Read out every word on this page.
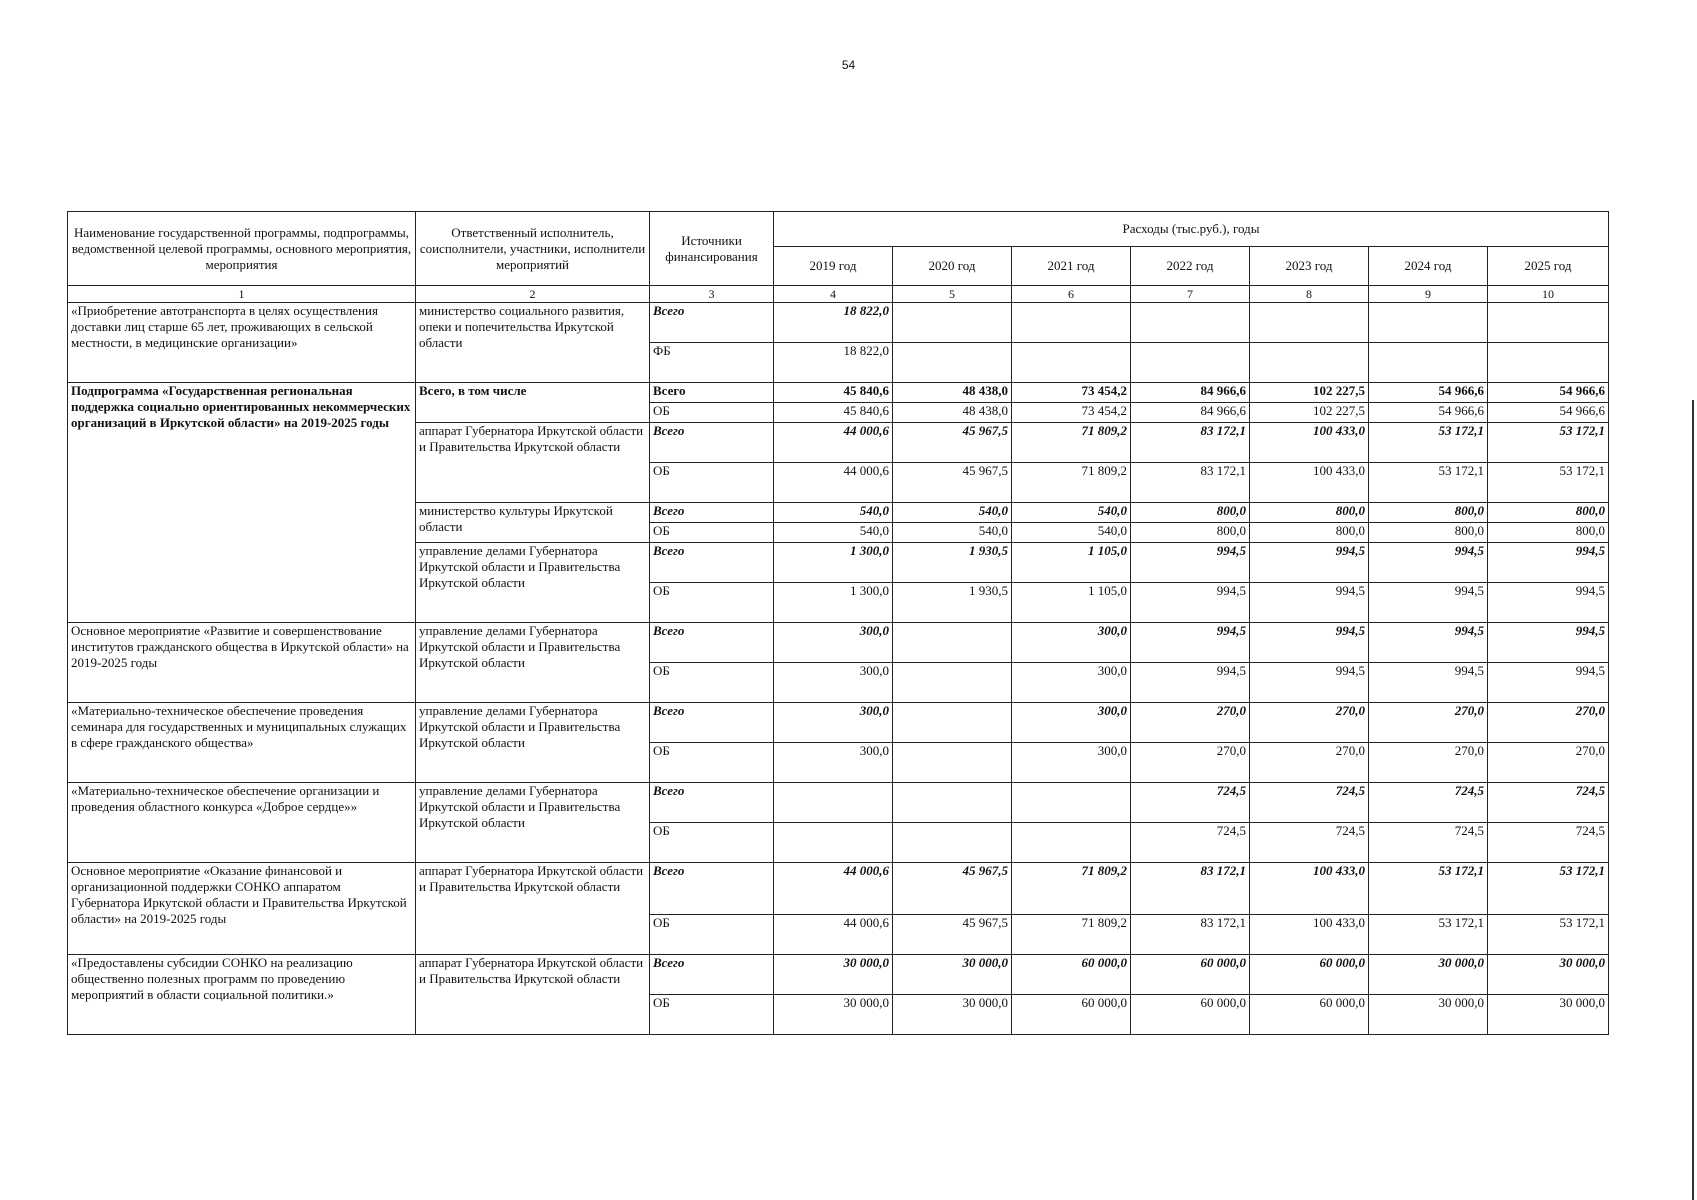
54
Наименование государственной программы, подпрограммы, ведомственной целевой программы, основного мероприятия, мероприятия	Ответственный исполнитель, соисполнители, участники, исполнители мероприятий	Источники финансирования	Расходы (тыс.руб.), годы						
			2019 год	2020 год	2021 год	2022 год	2023 год	2024 год	2025 год
1	2	3	4	5	6	7	8	9	10
«Приобретение автотранспорта в целях осуществления доставки лиц старше 65 лет, проживающих в сельской местности, в медицинские организации»	министерство социального развития, опеки и попечительства Иркутской области	Всего	18 822,0						
		ФБ	18 822,0						
Подпрограмма «Государственная региональная поддержка социально ориентированных некоммерческих организаций в Иркутской области» на 2019-2025 годы	Всего, в том числе	Всего	45 840,6	48 438,0	73 454,2	84 966,6	102 227,5	54 966,6	54 966,6
		ОБ	45 840,6	48 438,0	73 454,2	84 966,6	102 227,5	54 966,6	54 966,6
	аппарат Губернатора Иркутской области и Правительства Иркутской области	Всего	44 000,6	45 967,5	71 809,2	83 172,1	100 433,0	53 172,1	53 172,1
		ОБ	44 000,6	45 967,5	71 809,2	83 172,1	100 433,0	53 172,1	53 172,1
	министерство культуры Иркутской области	Всего	540,0	540,0	540,0	800,0	800,0	800,0	800,0
		ОБ	540,0	540,0	540,0	800,0	800,0	800,0	800,0
	управление делами Губернатора Иркутской области и Правительства Иркутской области	Всего	1 300,0	1 930,5	1 105,0	994,5	994,5	994,5	994,5
		ОБ	1 300,0	1 930,5	1 105,0	994,5	994,5	994,5	994,5
Основное мероприятие «Развитие и совершенствование институтов гражданского общества в Иркутской области» на 2019-2025 годы	управление делами Губернатора Иркутской области и Правительства Иркутской области	Всего	300,0		300,0	994,5	994,5	994,5	994,5
		ОБ	300,0		300,0	994,5	994,5	994,5	994,5
«Материально-техническое обеспечение проведения семинара для государственных и муниципальных служащих в сфере гражданского общества»	управление делами Губернатора Иркутской области и Правительства Иркутской области	Всего	300,0		300,0	270,0	270,0	270,0	270,0
		ОБ	300,0		300,0	270,0	270,0	270,0	270,0
«Материально-техническое обеспечение организации и проведения областного конкурса «Доброе сердце»»	управление делами Губернатора Иркутской области и Правительства Иркутской области	Всего				724,5	724,5	724,5	724,5
		ОБ				724,5	724,5	724,5	724,5
Основное мероприятие «Оказание финансовой и организационной поддержки СОНКО аппаратом Губернатора Иркутской области и Правительства Иркутской области» на 2019-2025 годы	аппарат Губернатора Иркутской области и Правительства Иркутской области	Всего	44 000,6	45 967,5	71 809,2	83 172,1	100 433,0	53 172,1	53 172,1
		ОБ	44 000,6	45 967,5	71 809,2	83 172,1	100 433,0	53 172,1	53 172,1
«Предоставлены субсидии СОНКО на реализацию общественно полезных программ по проведению мероприятий в области социальной политики.»	аппарат Губернатора Иркутской области и Правительства Иркутской области	Всего	30 000,0	30 000,0	60 000,0	60 000,0	60 000,0	30 000,0	30 000,0
		ОБ	30 000,0	30 000,0	60 000,0	60 000,0	60 000,0	30 000,0	30 000,0
